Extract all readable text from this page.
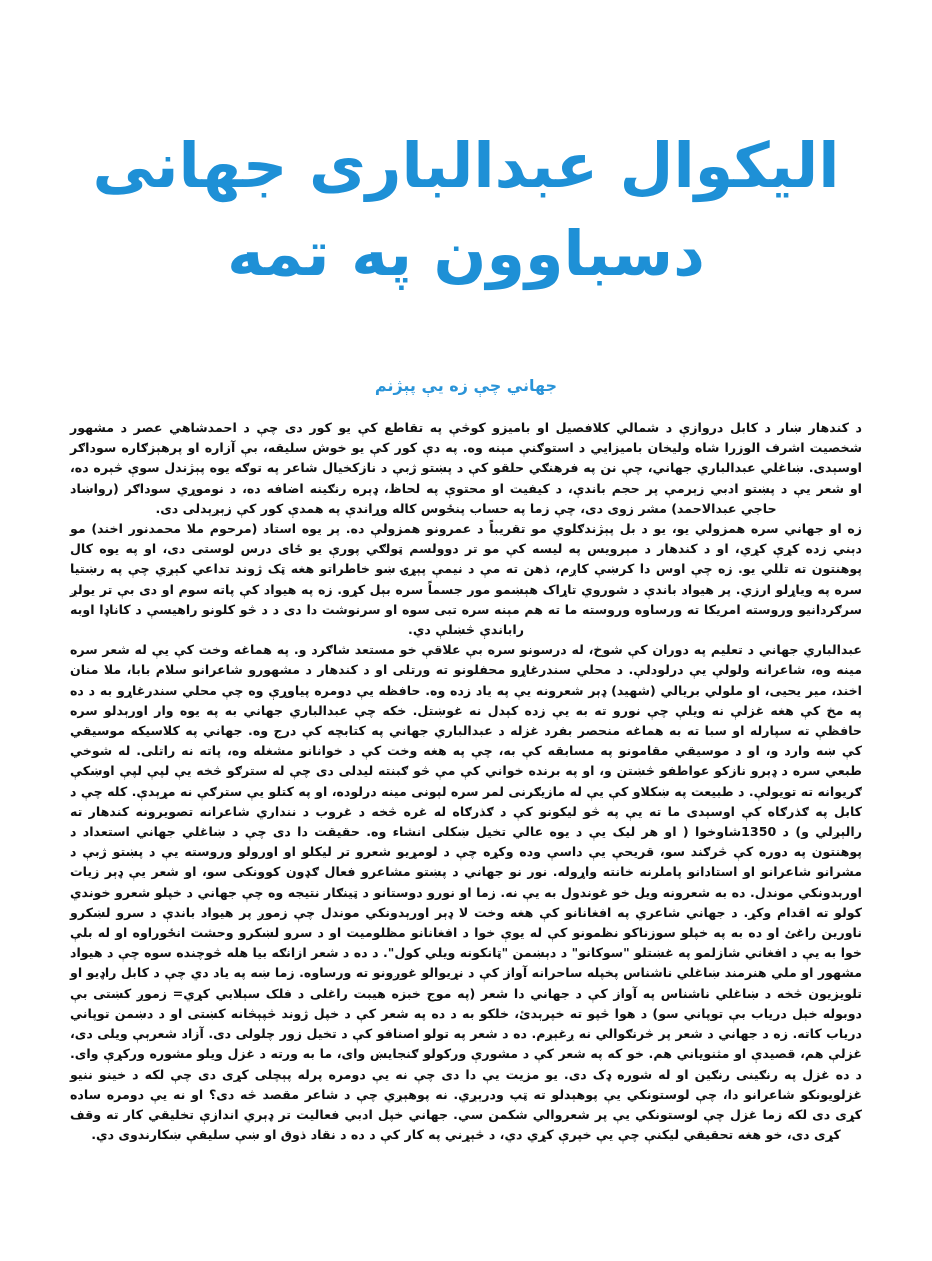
اليکوال عبدالباری جهانی
دسباوون په تمه
جهاني چې زه يې پېژنم

د کندهار ښار د کابل دروازې د شمالي کلافصيل او باميزو کوڅې په تقاطع کې يو کور دی چې د احمدشاهي عصر د مشهور شخصيت اشرف الوزرا شاه وليخان باميزايي د استوګنې مېنه وه. په دې کور کې يو خوش سليقه، بې آزاره او پرهېزګاره سوداګر اوسېدی. ښاغلي عبدالباري جهاني، چې نن په فرهنګي حلقو کې د پښتو ژبې د نازکخيال شاعر په توګه يوه پېژندل سوې څېره ده، او شعر يې د پښتو ادبي زېرمې پر حجم باندې، د کيفيت او محتوې په لحاظ، ډېره رنګينه اضافه ده، د نوموړي سوداګر (رواښاد حاجي عبدالاحمد) مشر زوی دی، چې زما په حساب پنځوس کاله وړاندې په همدې کور کې زېږېدلی دی.

زه او جهاني سره همزولي يو، يو د بل پېژندګلوي مو تقريباً د عمرونو همزولې ده. پر يوه استاد (مرحوم ملا محمدنور اخند) مو دېني زده کړې کړي، او د کندهار د مېرويس په ليسه کې مو تر دوولسم ټولګي پورې يو ځای درس لوستی دی، او په يوه کال پوهنتون ته تللي يو. زه چې اوس دا کرښې کاږم، ذهن ته مې د نيمې پېړۍ ښو خاطراتو هغه ټک ژوند تداعي کېږي چې په رښتيا سره په وياړلو ارزي. پر هيواد باندې د شوروي تاړاک هېښمو مور جسماً سره بېل کړو. زه په هيواد کې پاته سوم او دی بې تر يولږ سرګردانيو وروسته امريکا ته ورساوه وروسته ما ته هم مېنه سره تبی سوه او سرنوشت دا دی د د څو کلونو راهيسې د کاناډا اوبه راباندې څښلې دي.

عبدالباري جهاني د تعليم په دوران کې شوخ، له درسونو سره بې علاقې خو مستعد شاګرد و. په هماغه وخت کې يې له شعر سره مينه وه، شاعرانه ولولې يې درلودلې. د محلي سندرغاړو محفلونو ته ورتلی او د کندهار د مشهورو شاعرانو سلام بابا، ملا منان اخند، مير يحيی، او ملولي بريالي (شهيد) ډېر شعرونه يې په ياد زده وه. حافظه يې دومره پياوړې وه چې محلي سندرغاړو به د ده په مخ کې هغه غزلې نه ويلې چې نورو ته به يې زده کېدل نه غوښتل. خکه چې عبدالباري جهاني به په يوه وار اورېدلو سره حافظې ته سپارله او سبا ته به هماغه منحصر بفرد غزله د عبدالباري جهاني په کتابچه کې درج وه. جهاني په کلاسيکه موسيقي کې ښه وارد و، او د موسيقي مقامونو په مسابقه کې به، چې په هغه وخت کې د خوانانو مشغله وه، پاته نه راتلی. له شوخي طبعي سره د ډېرو نازکو عواطفو څښتن و، او په برنده خواني کې مې څو ګبنته ليدلی دی چې له سترګو څخه يې لپې لپې اوښکې ګريوانه ته تويولې. د طبيعت په ښکلاو کې يې له مازيګرنی لمر سره لېونی مينه درلوده، او په کتلو يې سترګې نه مړېدې. کله چې د کابل په ګذرګاه کې اوسېدی ما ته يې په څو ليکونو کې د ګذرګاه له غره څخه د غروب د ننداري شاعرانه تصويرونه کندهار ته رالېږلي و) د 1350شاوخوا ( او هر ليک يې د يوه عالي تخيل ښکلی انشاء وه. حقيقت دا دی چې د ښاغلي جهاني استعداد د پوهنتون په دوره کې څرګند سو، قريحې يې داسې وده وکړه چې د لومړيو شعرو تر ليکلو او اورولو وروسته يې د پښتو ژبې د مشرانو شاعرانو او استادانو پاملرنه خانته واړوله. نور نو جهاني د پښتو مشاعرو فعال ګډون کوونکی سو، او شعر يې ډېر زيات اورېدونکي موندل. ده به شعرونه ويل خو غوندول به يې نه. زما او نورو دوستانو د ټينګار نتيجه وه چې جهاني د خپلو شعرو خوندي کولو ته اقدام وکړ. د جهاني شاعري په افغانانو کې هغه وخت لا ډېر اورېدونکي موندل چې زموږ پر هيواد باندې د سرو لښکرو ناورين راغئ او ده به په خپلو سوزناکو نظمونو کې له يوې خوا د افغانانو مظلوميت او د سرو لښکرو وحشت انځوراوه او له بلې خوا به يې د افغاني شازلمو په غښتلو "سوکانو" د دېښمن "ټانکونه ويلي کول". د ده د شعر ازانګه بيا هله څوچنده سوه چې د هيواد مشهور او ملي هنرمند ښاغلي ناشناس پخپله ساحرانه آواز کې د نړيوالو غوږونو ته ورساوه. زما ښه په ياد دي چې د کابل راډيو او تلويزيون څخه د ښاغلي ناشناس په آواز کې د جهاني دا شعر (په موج خبزه هيبت راغلی د فلک سېلابي کړي= زموږ کښتی بې دوبوله خېل درياب بې توپاني سو) د هوا څپو ته خپرېدئ، خلکو به د ده په شعر کې د خپل ژوند څپېڅانه کښتی او د دښمن توپاني درياب کاته. زه د جهاني د شعر پر څرنګوالي نه ږغېږم. ده د شعر په تولو اصنافو کې د تخيل زور چلولی دی. آزاد شعرېې ويلی دی، غزلې هم، قصيدې او مثنوياني هم. خو که په شعر کې د مشورې ورکولو ګنجايښ وای، ما به ورته د غزل ويلو مشوره ورکړې وای. د ده غزل په رنګينی رنګين او له شوره ډک دی. يو مزيت يې دا دی چې نه يې دومره پرله پېچلی کړی دی چې لکه د خينو ننيو غزلويونکو شاعرانو دا، چې لوستونکي يې پوهېدلو ته ټپ ودرېږي. نه پوهېږي چې د شاعر مقصد څه دی؟ او نه يې دومره ساده کړی دی لکه زما غزل چې لوستونکي يې پر شعروالي شکمن سي. جهاني خپل ادبي فعاليت تر ډېري اندازې تخليقي کار ته وقف کړی دی، خو هغه تحقيقي ليکنې چې يې خپرې کړي دي، د څېړني په کار کې د ده د نقاد ذوق او ښې سليقې ښکارندوی دي.
